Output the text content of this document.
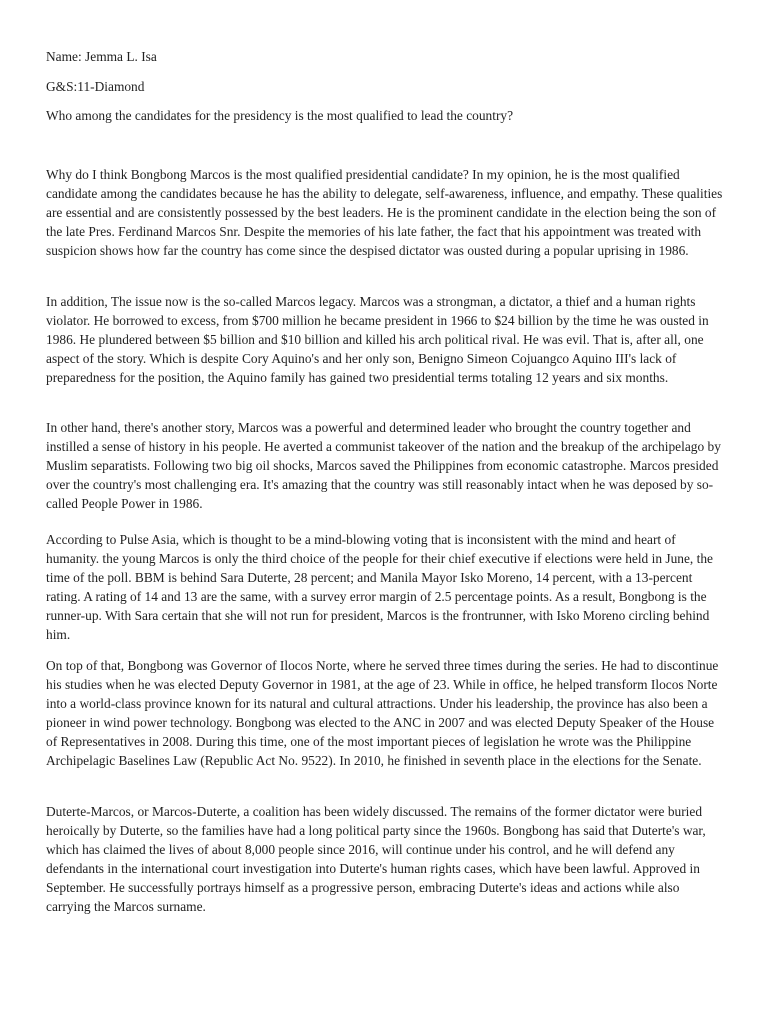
Name: Jemma L. Isa
G&S:11-Diamond
Who among the candidates for the presidency is the most qualified to lead the country?

Why do I think Bongbong Marcos is the most qualified presidential candidate? In my opinion, he is the most qualified candidate among the candidates because he has the ability to delegate, self-awareness, influence, and empathy. These qualities are essential and are consistently possessed by the best leaders. He is the prominent candidate in the election being the son of the late Pres. Ferdinand Marcos Snr. Despite the memories of his late father, the fact that his appointment was treated with suspicion shows how far the country has come since the despised dictator was ousted during a popular uprising in 1986.

In addition, The issue now is the so-called Marcos legacy. Marcos was a strongman, a dictator, a thief and a human rights violator. He borrowed to excess, from $700 million he became president in 1966 to $24 billion by the time he was ousted in 1986. He plundered between $5 billion and $10 billion and killed his arch political rival. He was evil. That is, after all, one aspect of the story. Which is despite Cory Aquino's and her only son, Benigno Simeon Cojuangco Aquino III's lack of preparedness for the position, the Aquino family has gained two presidential terms totaling 12 years and six months.

In other hand, there's another story, Marcos was a powerful and determined leader who brought the country together and instilled a sense of history in his people. He averted a communist takeover of the nation and the breakup of the archipelago by Muslim separatists. Following two big oil shocks, Marcos saved the Philippines from economic catastrophe. Marcos presided over the country's most challenging era. It's amazing that the country was still reasonably intact when he was deposed by so-called People Power in 1986.

According to Pulse Asia, which is thought to be a mind-blowing voting that is inconsistent with the mind and heart of humanity. the young Marcos is only the third choice of the people for their chief executive if elections were held in June, the time of the poll. BBM is behind Sara Duterte, 28 percent; and Manila Mayor Isko Moreno, 14 percent, with a 13-percent rating. A rating of 14 and 13 are the same, with a survey error margin of 2.5 percentage points. As a result, Bongbong is the runner-up. With Sara certain that she will not run for president, Marcos is the frontrunner, with Isko Moreno circling behind him.

On top of that, Bongbong was Governor of Ilocos Norte, where he served three times during the series. He had to discontinue his studies when he was elected Deputy Governor in 1981, at the age of 23. While in office, he helped transform Ilocos Norte into a world-class province known for its natural and cultural attractions. Under his leadership, the province has also been a pioneer in wind power technology. Bongbong was elected to the ANC in 2007 and was elected Deputy Speaker of the House of Representatives in 2008. During this time, one of the most important pieces of legislation he wrote was the Philippine Archipelagic Baselines Law (Republic Act No. 9522). In 2010, he finished in seventh place in the elections for the Senate.

Duterte-Marcos, or Marcos-Duterte, a coalition has been widely discussed. The remains of the former dictator were buried heroically by Duterte, so the families have had a long political party since the 1960s. Bongbong has said that Duterte's war, which has claimed the lives of about 8,000 people since 2016, will continue under his control, and he will defend any defendants in the international court investigation into Duterte's human rights cases, which have been lawful. Approved in September. He successfully portrays himself as a progressive person, embracing Duterte's ideas and actions while also carrying the Marcos surname.
